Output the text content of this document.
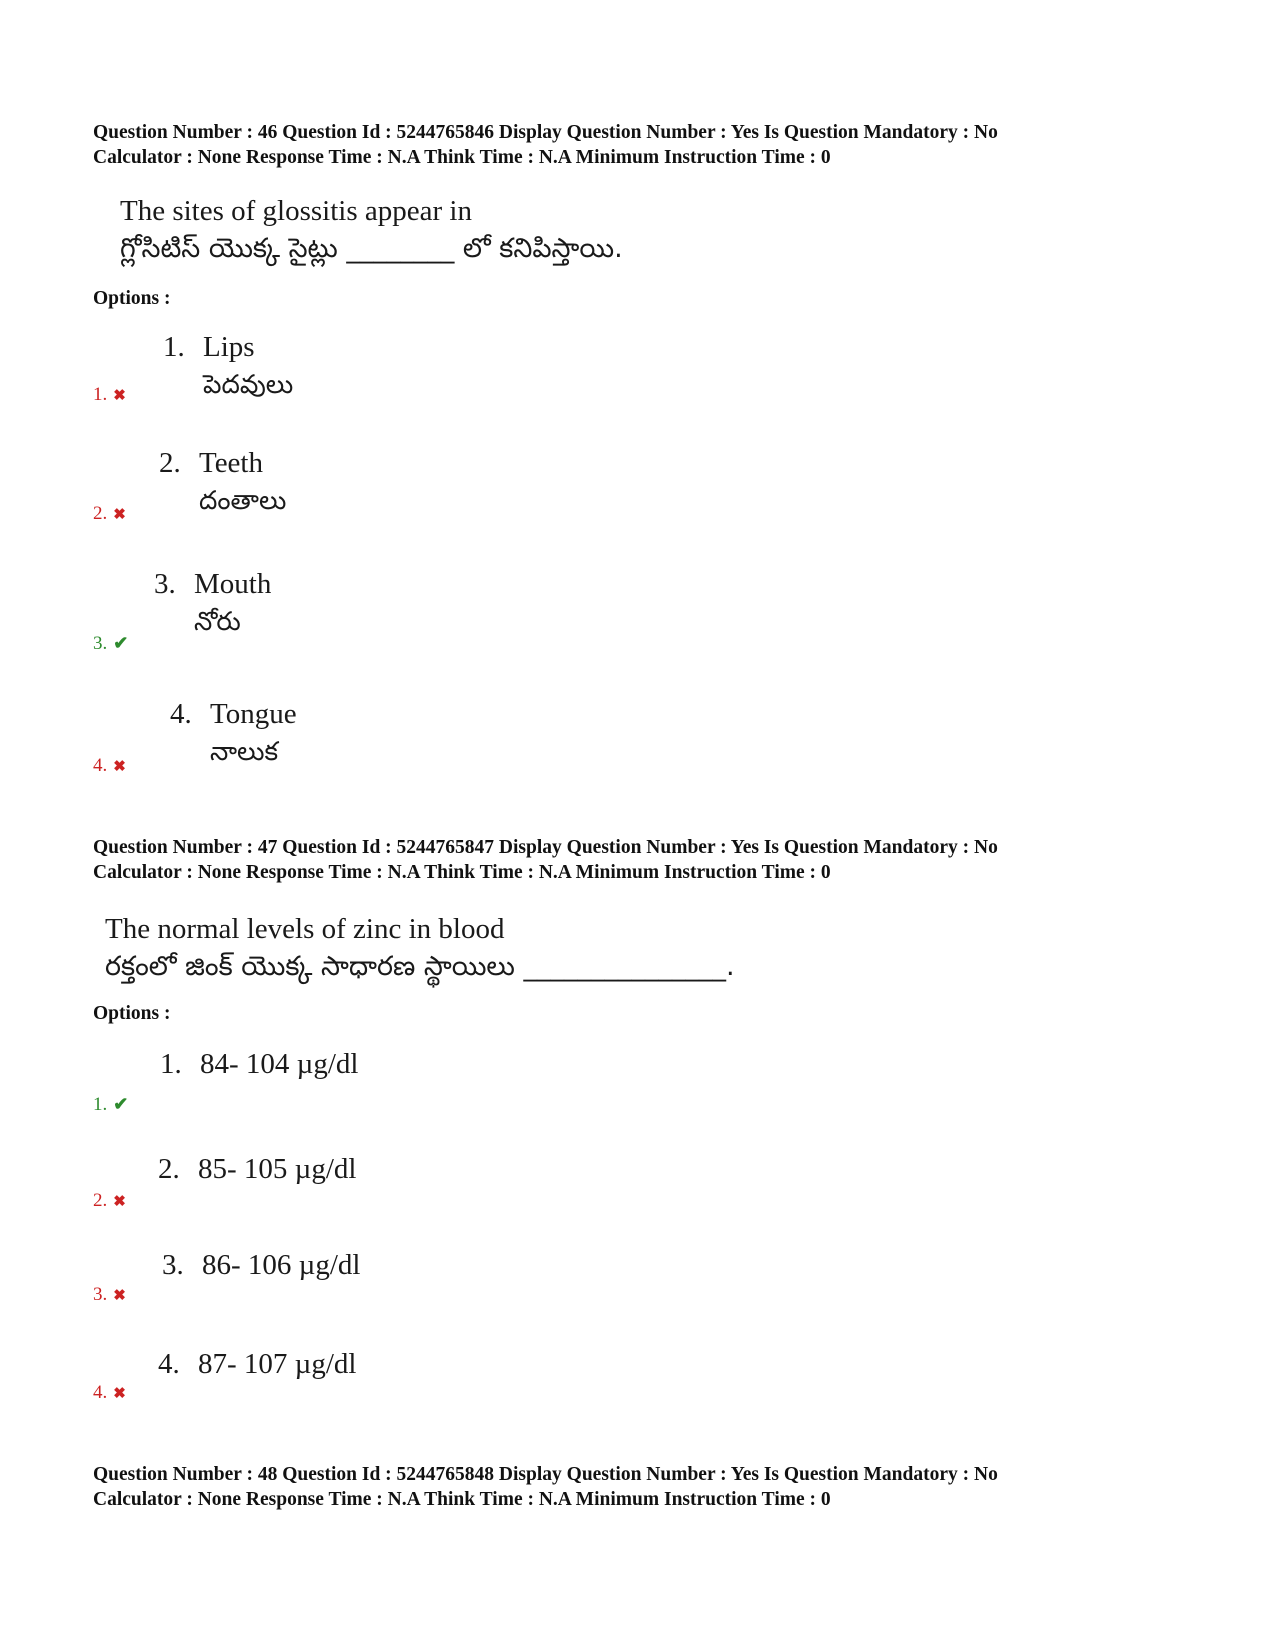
Question Number : 46 Question Id : 5244765846 Display Question Number : Yes Is Question Mandatory : No
Calculator : None Response Time : N.A Think Time : N.A Minimum Instruction Time : 0
The sites of glossitis appear in
గ్లోసిటిస్ యొక్క సైట్లు ________ లో కనిపిస్తాయి.
Options :
1. Lips
పెదవులు
1. ✖
2. Teeth
దంతాలు
2. ✖
3. Mouth
నోరు
3. ✔
4. Tongue
నాలుక
4. ✖
Question Number : 47 Question Id : 5244765847 Display Question Number : Yes Is Question Mandatory : No
Calculator : None Response Time : N.A Think Time : N.A Minimum Instruction Time : 0
The normal levels of zinc in blood
రక్తంలో జింక్ యొక్క సాధారణ స్థాయిలు _______________.
Options :
1. 84- 104 µg/dl
1. ✔
2. 85- 105 µg/dl
2. ✖
3. 86- 106 µg/dl
3. ✖
4. 87- 107 µg/dl
4. ✖
Question Number : 48 Question Id : 5244765848 Display Question Number : Yes Is Question Mandatory : No
Calculator : None Response Time : N.A Think Time : N.A Minimum Instruction Time : 0
